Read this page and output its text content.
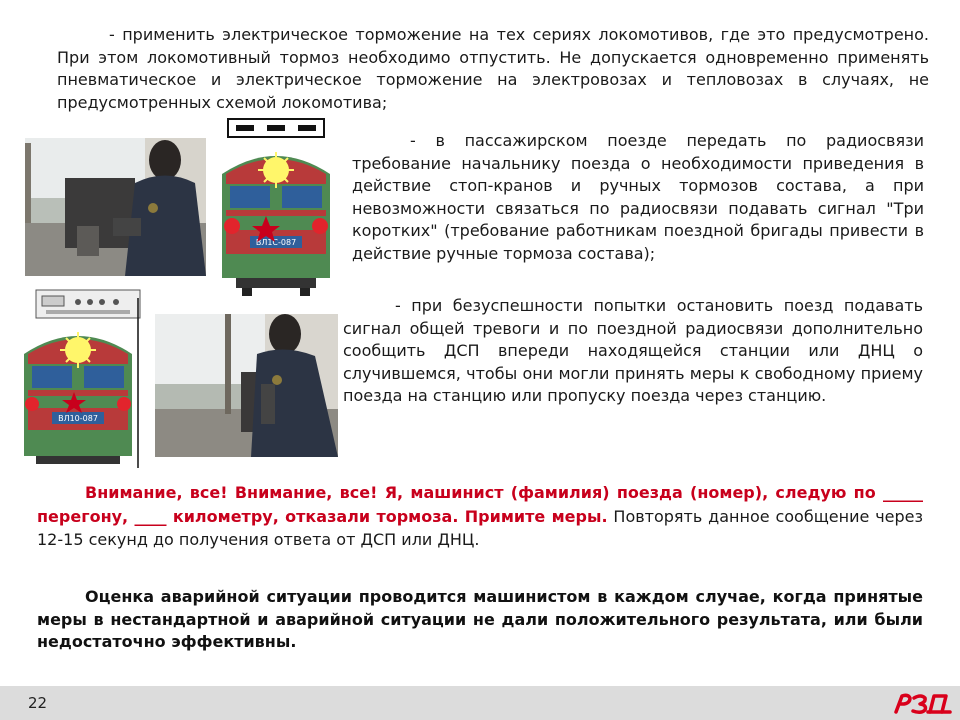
- применить электрическое торможение на тех сериях локомотивов, где это предусмотрено. При этом локомотивный тормоз необходимо отпустить. Не допускается одновременно применять пневматическое и электрическое торможение на электровозах и тепловозах в случаях, не предусмотренных схемой локомотива;
ВЛ1С-087
- в пассажирском поезде передать по радиосвязи требование начальнику поезда о необходимости приведения в действие стоп-кранов и ручных тормозов состава, а при невозможности связаться по радиосвязи подавать сигнал "Три коротких" (требование работникам поездной бригады привести в действие ручные тормоза состава);
ВЛ10-087
- при безуспешности попытки остановить поезд подавать сигнал общей тревоги и по поездной радиосвязи дополнительно сообщить ДСП впереди находящейся станции или ДНЦ о случившемся, чтобы они могли принять меры к свободному приему поезда на станцию или пропуску поезда через станцию.
Внимание, все! Внимание, все! Я, машинист (фамилия) поезда (номер), следую по _____ перегону, ____ километру, отказали тормоза. Примите меры. Повторять данное сообщение через 12-15 секунд до получения ответа от ДСП или ДНЦ.
Оценка аварийной ситуации проводится машинистом в каждом случае, когда принятые меры в нестандартной и аварийной ситуации не дали положительного результата, или были недостаточно эффективны.
22
